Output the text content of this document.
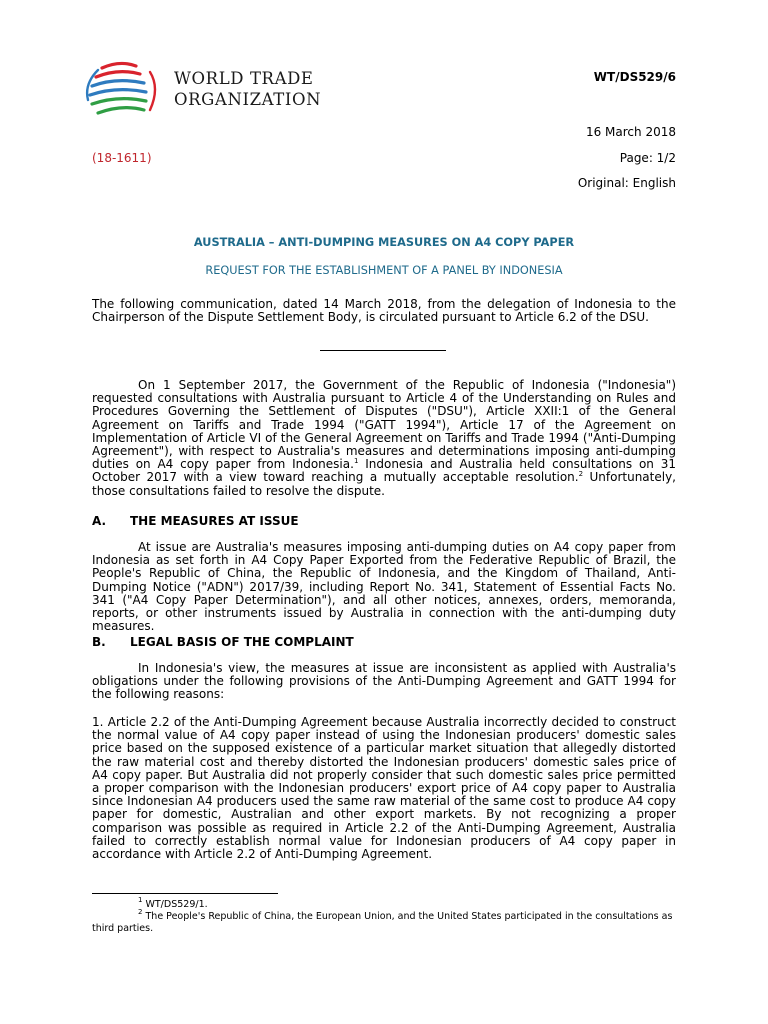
WORLD TRADE
ORGANIZATION
WT/DS529/6
16 March 2018
(18-1611)	Page: 1/2
Original: English
AUSTRALIA – ANTI-DUMPING MEASURES ON A4 COPY PAPER
REQUEST FOR THE ESTABLISHMENT OF A PANEL BY INDONESIA
The following communication, dated 14 March 2018, from the delegation of Indonesia to the Chairperson of the Dispute Settlement Body, is circulated pursuant to Article 6.2 of the DSU.
On 1 September 2017, the Government of the Republic of Indonesia ("Indonesia") requested consultations with Australia pursuant to Article 4 of the Understanding on Rules and Procedures Governing the Settlement of Disputes ("DSU"), Article XXII:1 of the General Agreement on Tariffs and Trade 1994 ("GATT 1994"), Article 17 of the Agreement on Implementation of Article VI of the General Agreement on Tariffs and Trade 1994 ("Anti-Dumping Agreement"), with respect to Australia's measures and determinations imposing anti-dumping duties on A4 copy paper from Indonesia.$^1$ Indonesia and Australia held consultations on 31 October 2017 with a view toward reaching a mutually acceptable resolution.$^2$ Unfortunately, those consultations failed to resolve the dispute.
A. THE MEASURES AT ISSUE
At issue are Australia's measures imposing anti-dumping duties on A4 copy paper from Indonesia as set forth in A4 Copy Paper Exported from the Federative Republic of Brazil, the People's Republic of China, the Republic of Indonesia, and the Kingdom of Thailand, Anti-Dumping Notice ("ADN") 2017/39, including Report No. 341, Statement of Essential Facts No. 341 ("A4 Copy Paper Determination"), and all other notices, annexes, orders, memoranda, reports, or other instruments issued by Australia in connection with the anti-dumping duty measures.
B. LEGAL BASIS OF THE COMPLAINT
In Indonesia's view, the measures at issue are inconsistent as applied with Australia's obligations under the following provisions of the Anti-Dumping Agreement and GATT 1994 for the following reasons:
1. Article 2.2 of the Anti-Dumping Agreement because Australia incorrectly decided to construct the normal value of A4 copy paper instead of using the Indonesian producers' domestic sales price based on the supposed existence of a particular market situation that allegedly distorted the raw material cost and thereby distorted the Indonesian producers' domestic sales price of A4 copy paper. But Australia did not properly consider that such domestic sales price permitted a proper comparison with the Indonesian producers' export price of A4 copy paper to Australia since Indonesian A4 producers used the same raw material of the same cost to produce A4 copy paper for domestic, Australian and other export markets. By not recognizing a proper comparison was possible as required in Article 2.2 of the Anti-Dumping Agreement, Australia failed to correctly establish normal value for Indonesian producers of A4 copy paper in accordance with Article 2.2 of Anti-Dumping Agreement.
$^1$ WT/DS529/1.
$^2$ The People's Republic of China, the European Union, and the United States participated in the consultations as third parties.
